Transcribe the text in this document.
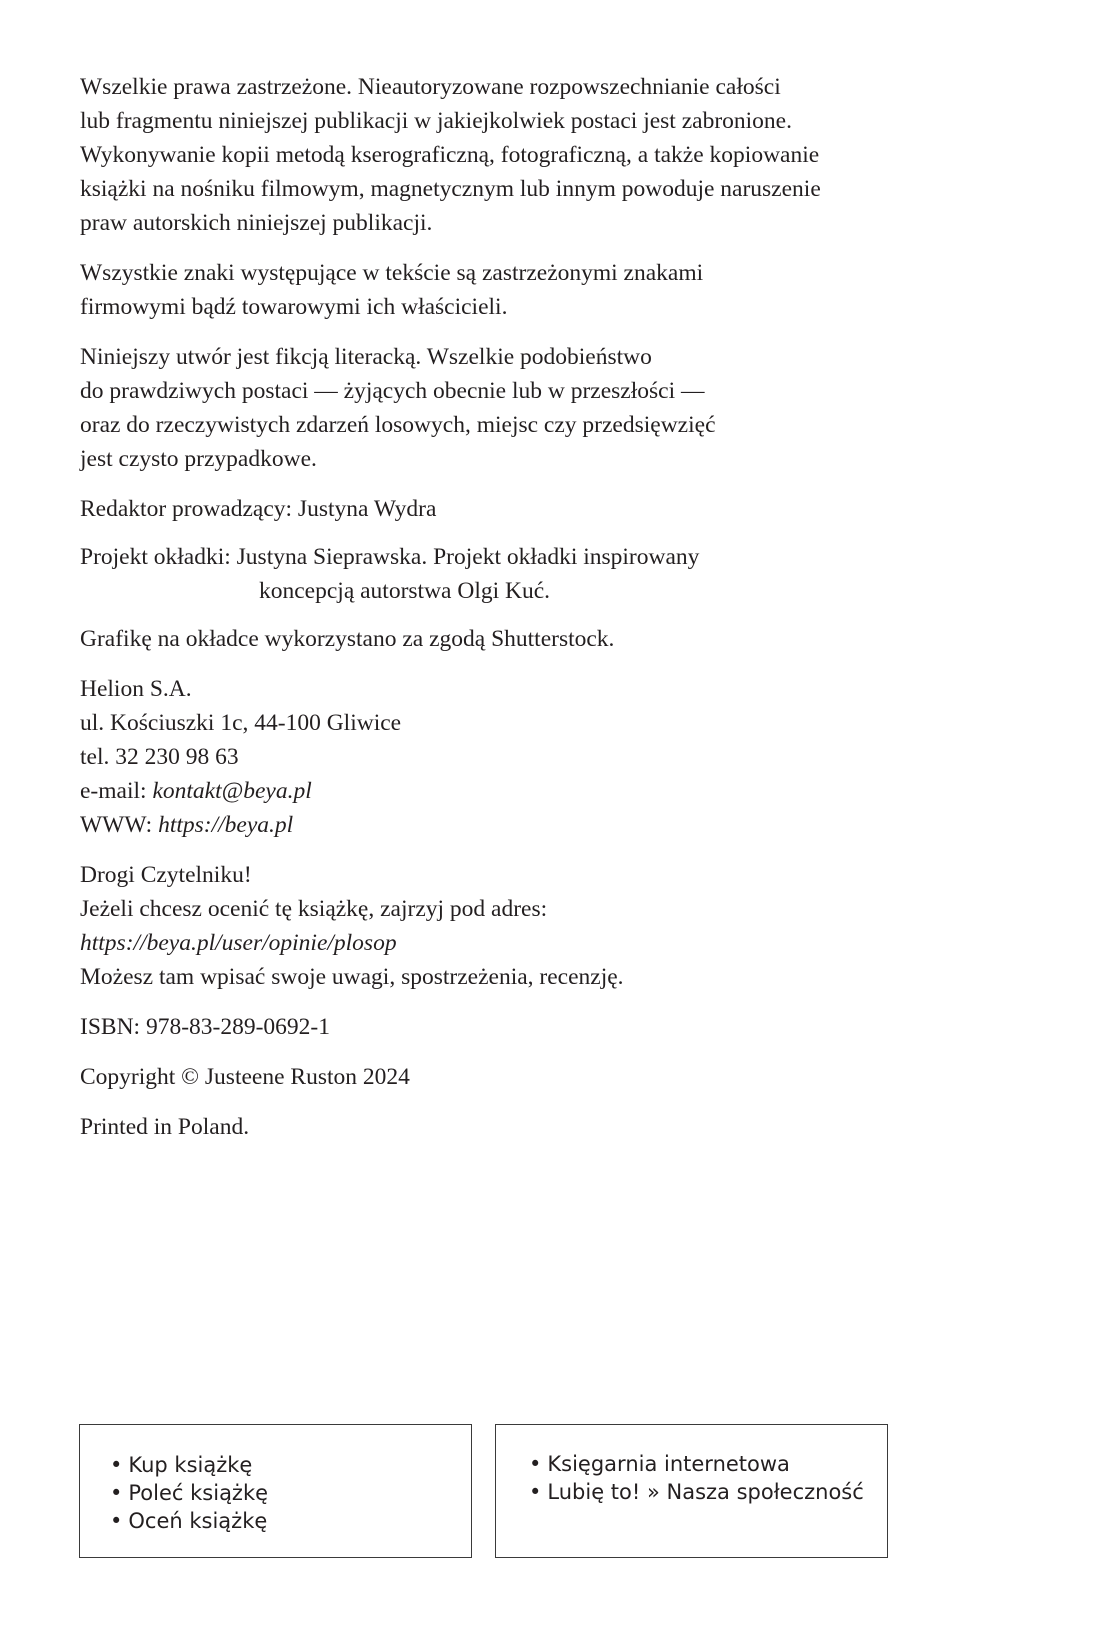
Wszelkie prawa zastrzeżone. Nieautoryzowane rozpowszechnianie całości
lub fragmentu niniejszej publikacji w jakiejkolwiek postaci jest zabronione.
Wykonywanie kopii metodą kserograficzną, fotograficzną, a także kopiowanie
książki na nośniku filmowym, magnetycznym lub innym powoduje naruszenie
praw autorskich niniejszej publikacji.

Wszystkie znaki występujące w tekście są zastrzeżonymi znakami
firmowymi bądź towarowymi ich właścicieli.

Niniejszy utwór jest fikcją literacką. Wszelkie podobieństwo
do prawdziwych postaci — żyjących obecnie lub w przeszłości —
oraz do rzeczywistych zdarzeń losowych, miejsc czy przedsięwzięć
jest czysto przypadkowe.

Redaktor prowadzący: Justyna Wydra

Projekt okładki: Justyna Sieprawska. Projekt okładki inspirowany
koncepcją autorstwa Olgi Kuć.

Grafikę na okładce wykorzystano za zgodą Shutterstock.

Helion S.A.
ul. Kościuszki 1c, 44-100 Gliwice
tel. 32 230 98 63
e-mail: kontakt@beya.pl
WWW: https://beya.pl

Drogi Czytelniku!
Jeżeli chcesz ocenić tę książkę, zajrzyj pod adres:
https://beya.pl/user/opinie/plosop
Możesz tam wpisać swoje uwagi, spostrzeżenia, recenzję.

ISBN: 978-83-289-0692-1

Copyright © Justeene Ruston 2024

Printed in Poland.

• Kup książkę
• Poleć książkę
• Oceń książkę
• Księgarnia internetowa
• Lubię to! » Nasza społeczność
